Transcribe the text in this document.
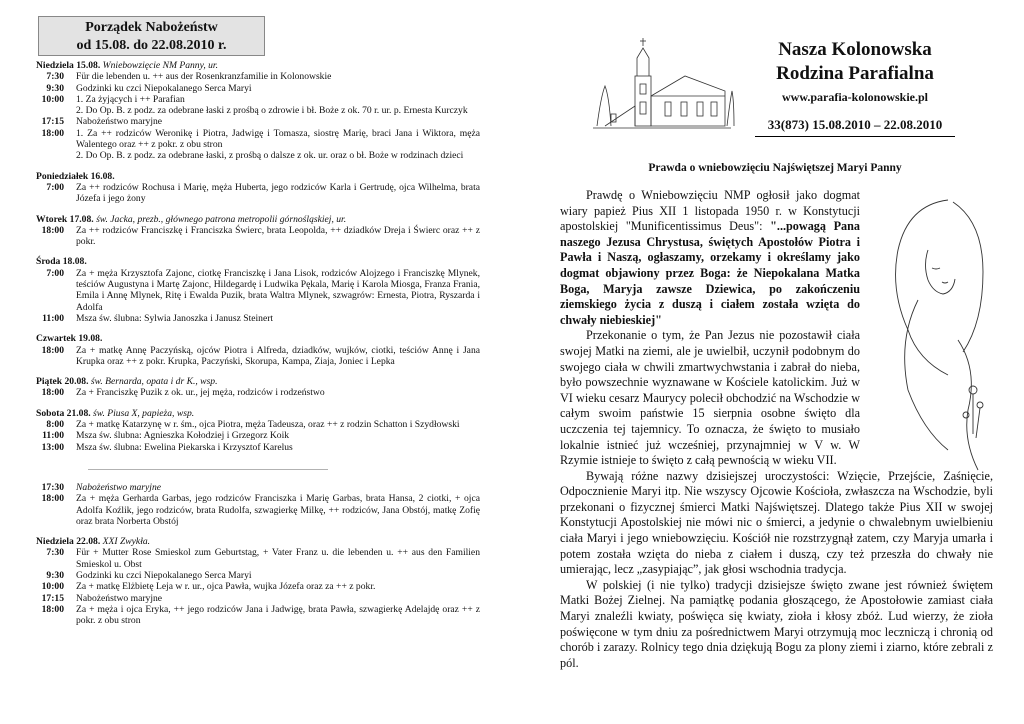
Porządek Nabożeństw
od 15.08. do 22.08.2010 r.
Niedziela 15.08. Wniebowzięcie NM Panny, ur.
7:30	Für die lebenden u. ++ aus der Rosenkranzfamilie in Kolonowskie
9:30	Godzinki ku czci Niepokalanego Serca Maryi
10:00	1. Za żyjących i ++ Parafian
2. Do Op. B. z podz. za odebrane łaski z prośbą o zdrowie i bł. Boże z ok. 70 r. ur. p. Ernesta Kurczyk
17:15	Nabożeństwo maryjne
18:00	1. Za ++ rodziców Weronikę i Piotra, Jadwigę i Tomasza, siostrę Marię, braci Jana i Wiktora, męża Walentego oraz ++ z pokr. z obu stron
2. Do Op. B. z podz. za odebrane łaski, z prośbą o dalsze z ok. ur. oraz o bł. Boże w rodzinach dzieci
Poniedziałek 16.08.
7:00	Za ++ rodziców Rochusa i Marię, męża Huberta, jego rodziców Karla i Gertrudę, ojca Wilhelma, brata Józefa i jego żony
Wtorek 17.08. św. Jacka, prezb., głównego patrona metropolii górnośląskiej, ur.
18:00	Za ++ rodziców Franciszkę i Franciszka Świerc, brata Leopolda, ++ dziadków Dreja i Świerc oraz ++ z pokr.
Środa 18.08.
7:00	Za + męża Krzysztofa Zajonc, ciotkę Franciszkę i Jana Lisok, rodziców Alojzego i Franciszkę Mlynek, teściów Augustyna i Martę Zajonc, Hildegardę i Ludwika Pękala, Marię i Karola Miosga, Franza Frania, Emila i Annę Mlynek, Ritę i Ewalda Puzik, brata Waltra Mlynek, szwagrów: Ernesta, Piotra, Ryszarda i Adolfa
11:00	Msza św. ślubna: Sylwia Janoszka i Janusz Steinert
Czwartek 19.08.
18:00	Za + matkę Annę Paczyńską, ojców Piotra i Alfreda, dziadków, wujków, ciotki, teściów Annę i Jana Krupka oraz ++ z pokr. Krupka, Paczyński, Skorupa, Kampa, Ziaja, Joniec i Lepka
Piątek 20.08. św. Bernarda, opata i dr K., wsp.
18:00	Za + Franciszkę Puzik z ok. ur., jej męża, rodziców i rodzeństwo
Sobota 21.08. św. Piusa X, papieża, wsp.
8:00	Za + matkę Katarzynę w r. śm., ojca Piotra, męża Tadeusza, oraz ++ z rodzin Schatton i Szydłowski
11:00	Msza św. ślubna: Agnieszka Kołodziej i Grzegorz Koik
13:00	Msza św. ślubna: Ewelina Piekarska i Krzysztof Karelus
........................................................................................................................
17:30	Nabożeństwo maryjne
18:00	Za + męża Gerharda Garbas, jego rodziców Franciszka i Marię Garbas, brata Hansa, 2 ciotki, + ojca Adolfa Koźlik, jego rodziców, brata Rudolfa, szwagierkę Milkę, ++ rodziców, Jana Obstój, matkę Zofię oraz brata Norberta Obstój
Niedziela 22.08. XXI Zwykła.
7:30	Für + Mutter Rose Smieskol zum Geburtstag, + Vater Franz u. die lebenden u. ++ aus den Familien Smieskol u. Obst
9:30	Godzinki ku czci Niepokalanego Serca Maryi
10:00	Za + matkę Elżbietę Leja w r. ur., ojca Pawła, wujka Józefa oraz za ++ z pokr.
17:15	Nabożeństwo maryjne
18:00	Za + męża i ojca Eryka, ++ jego rodziców Jana i Jadwigę, brata Pawła, szwagierkę Adelajdę oraz ++ z pokr. z obu stron
Nasza Kolonowska
Rodzina Parafialna
www.parafia-kolonowskie.pl
33(873) 15.08.2010 – 22.08.2010
Prawda o wniebowzięciu Najświętszej Maryi Panny

Prawdę o Wniebowzięciu NMP ogłosił jako dogmat wiary papież Pius XII 1 listopada 1950 r. w Konstytucji apostolskiej "Munificentissimus Deus": "...powagą Pana naszego Jezusa Chrystusa, świętych Apostołów Piotra i Pawła i Naszą, ogłaszamy, orzekamy i określamy jako dogmat objawiony przez Boga: że Niepokalana Matka Boga, Maryja zawsze Dziewica, po zakończeniu ziemskiego życia z duszą i ciałem została wzięta do chwały niebieskiej"

Przekonanie o tym, że Pan Jezus nie pozostawił ciała swojej Matki na ziemi, ale je uwielbił, uczynił podobnym do swojego ciała w chwili zmartwychwstania i zabrał do nieba, było powszechnie wyznawane w Kościele katolickim. Już w VI wieku cesarz Maurycy polecił obchodzić na Wschodzie w całym swoim państwie 15 sierpnia osobne święto dla uczczenia tej tajemnicy. To oznacza, że święto to musiało lokalnie istnieć już wcześniej, przynajmniej w V w. W Rzymie istnieje to święto z całą pewnością w wieku VII.

Bywają różne nazwy dzisiejszej uroczystości: Wzięcie, Przejście, Zaśnięcie, Odpocznienie Maryi itp. Nie wszyscy Ojcowie Kościoła, zwłaszcza na Wschodzie, byli przekonani o fizycznej śmierci Matki Najświętszej. Dlatego także Pius XII w swojej Konstytucji Apostolskiej nie mówi nic o śmierci, a jedynie o chwalebnym uwielbieniu ciała Maryi i jego wniebowzięciu. Kościół nie rozstrzygnął zatem, czy Maryja umarła i potem została wzięta do nieba z ciałem i duszą, czy też przeszła do chwały nie umierając, lecz „zasypiając”, jak głosi wschodnia tradycja.

W polskiej (i nie tylko) tradycji dzisiejsze święto zwane jest również świętem Matki Bożej Zielnej. Na pamiątkę podania głoszącego, że Apostołowie zamiast ciała Maryi znaleźli kwiaty, poświęca się kwiaty, zioła i kłosy zbóż. Lud wierzy, że zioła poświęcone w tym dniu za pośrednictwem Maryi otrzymują moc leczniczą i chronią od chorób i zarazy. Rolnicy tego dnia dziękują Bogu za plony ziemi i ziarno, które zebrali z pól.
